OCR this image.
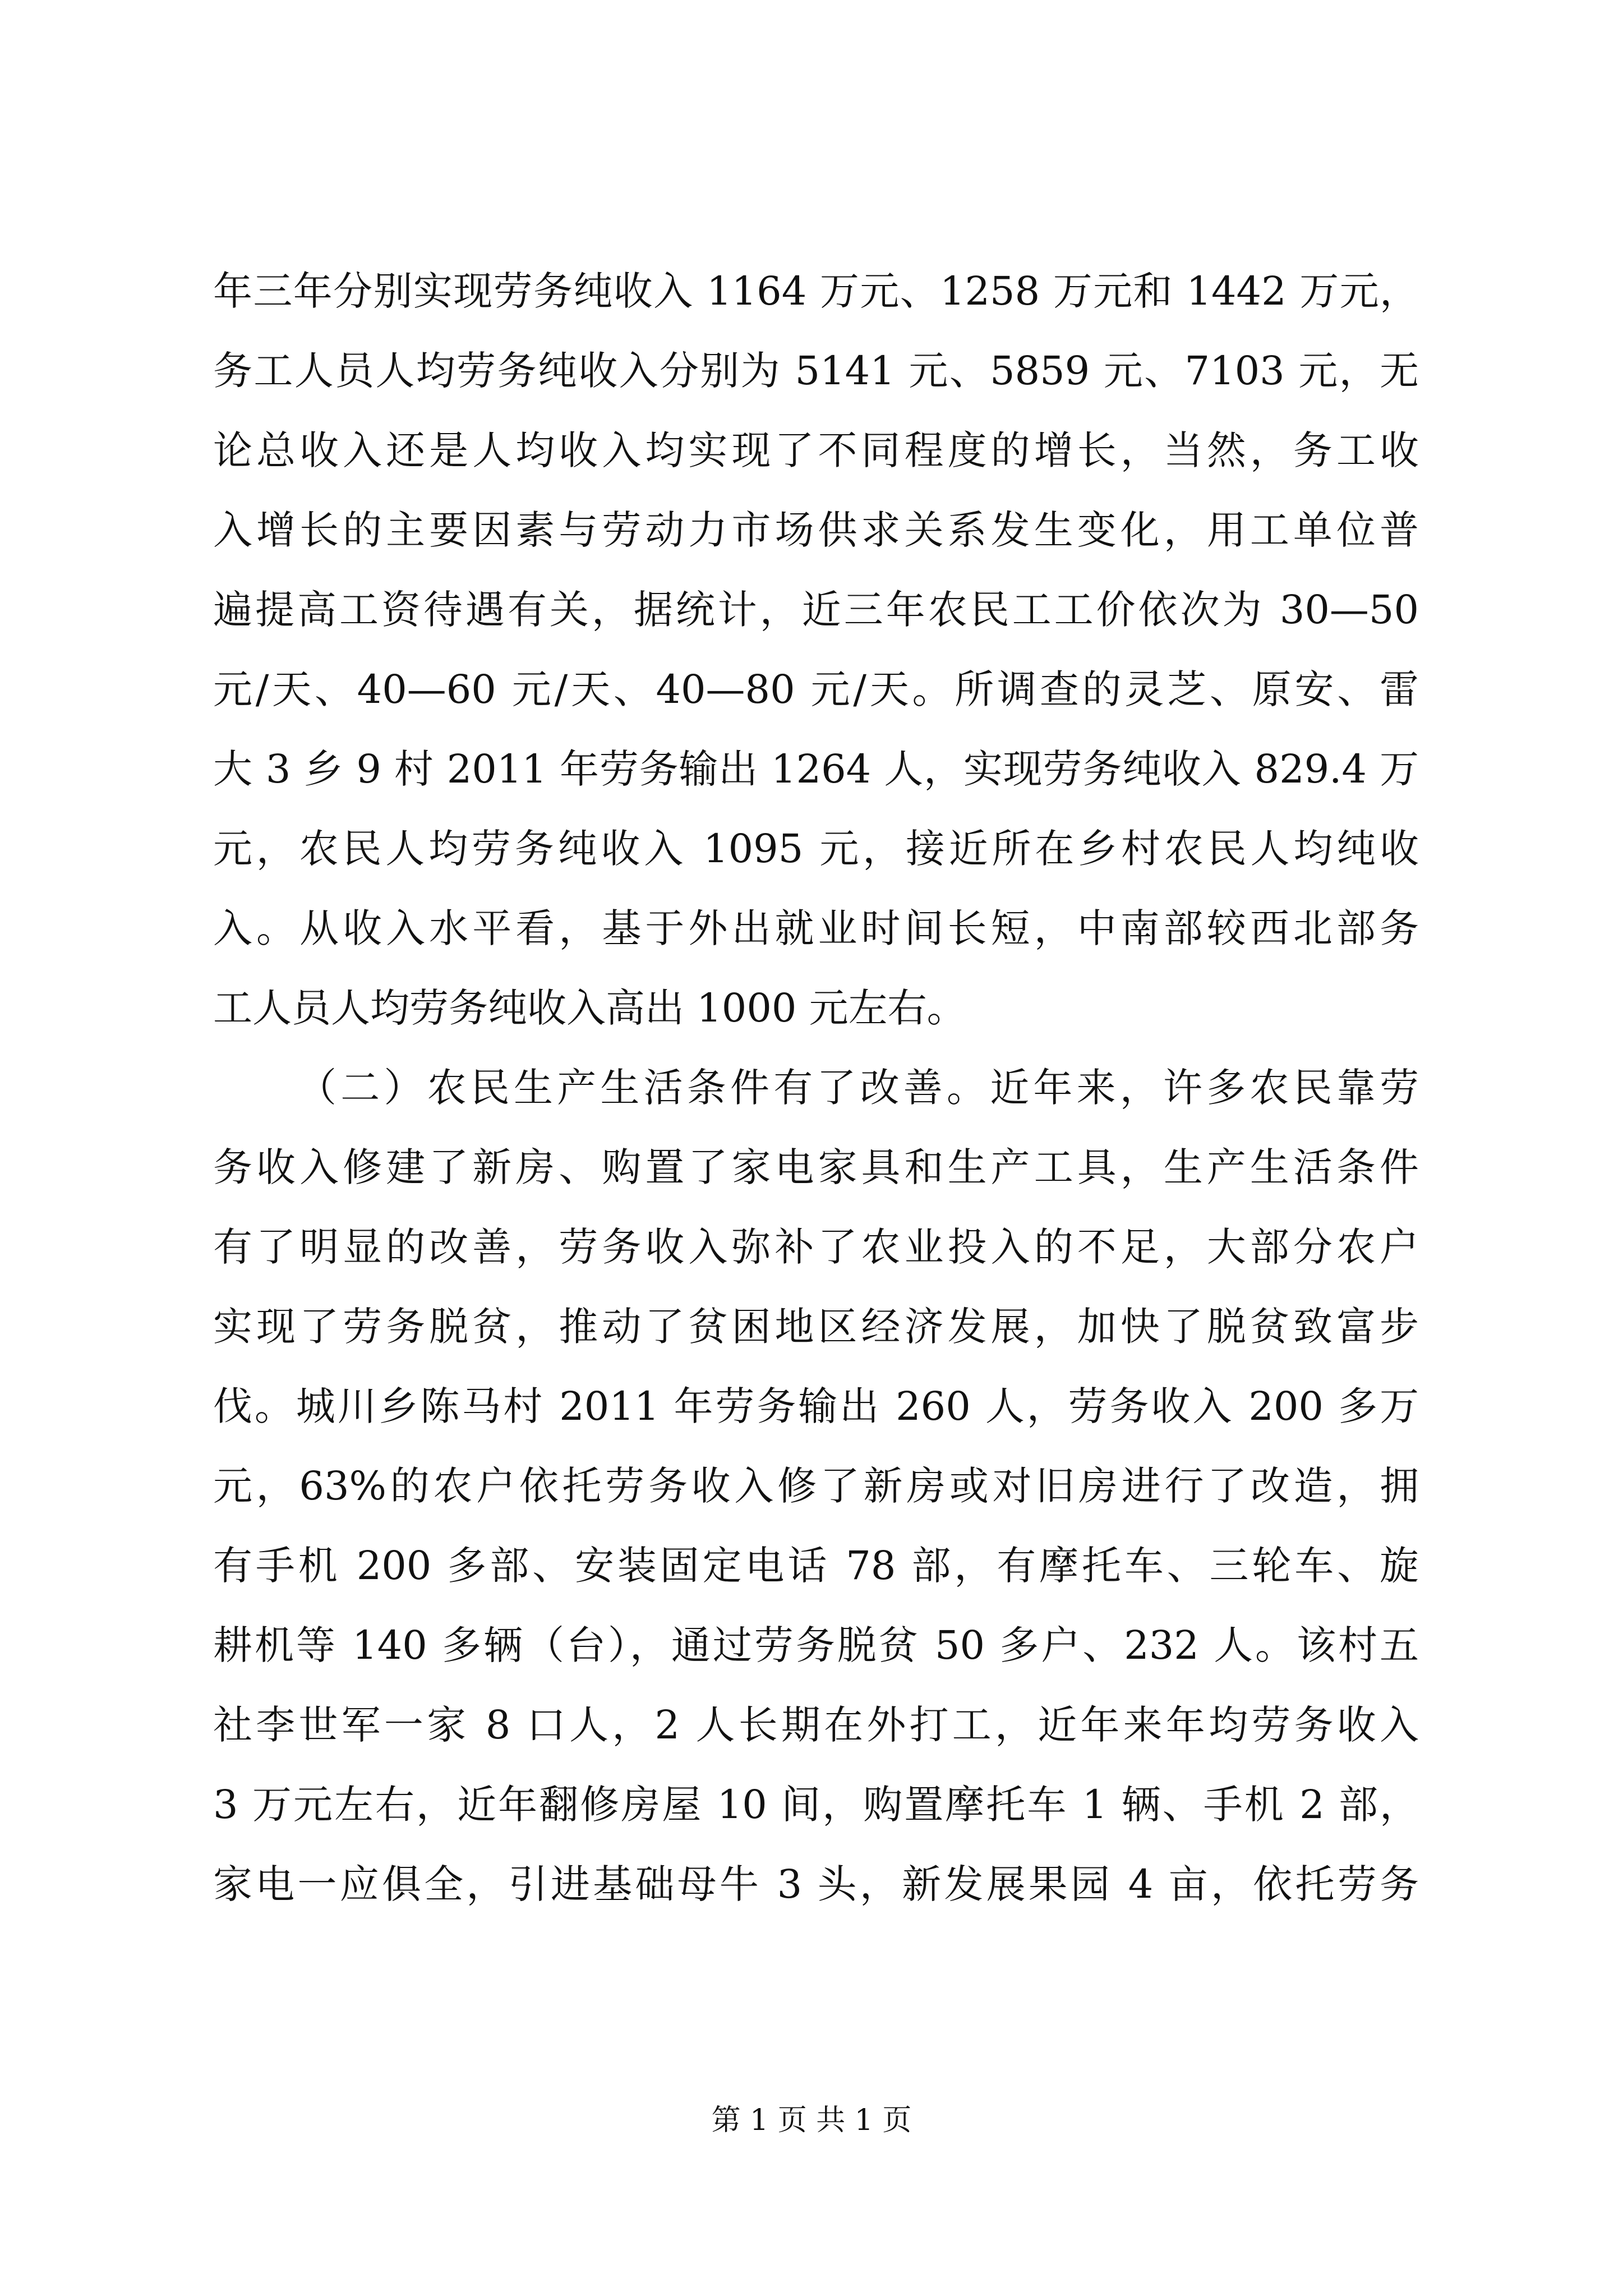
年三年分别实现劳务纯收入 1164 万元、1258 万元和 1442 万元，
务工人员人均劳务纯收入分别为 5141 元、5859 元、7103 元，无
论总收入还是人均收入均实现了不同程度的增长，当然，务工收
入增长的主要因素与劳动力市场供求关系发生变化，用工单位普
遍提高工资待遇有关，据统计，近三年农民工工价依次为 30—50
元/天、40—60 元/天、40—80 元/天。所调查的灵芝、原安、雷
大 3 乡 9 村 2011 年劳务输出 1264 人，实现劳务纯收入 829.4 万
元，农民人均劳务纯收入 1095 元，接近所在乡村农民人均纯收
入。从收入水平看，基于外出就业时间长短，中南部较西北部务
工人员人均劳务纯收入高出 1000 元左右。
（二）农民生产生活条件有了改善。近年来，许多农民靠劳
务收入修建了新房、购置了家电家具和生产工具，生产生活条件
有了明显的改善，劳务收入弥补了农业投入的不足，大部分农户
实现了劳务脱贫，推动了贫困地区经济发展，加快了脱贫致富步
伐。城川乡陈马村 2011 年劳务输出 260 人，劳务收入 200 多万
元，63%的农户依托劳务收入修了新房或对旧房进行了改造，拥
有手机 200 多部、安装固定电话 78 部，有摩托车、三轮车、旋
耕机等 140 多辆（台），通过劳务脱贫 50 多户、232 人。该村五
社李世军一家 8 口人，2 人长期在外打工，近年来年均劳务收入
3 万元左右，近年翻修房屋 10 间，购置摩托车 1 辆、手机 2 部，
家电一应俱全，引进基础母牛 3 头，新发展果园 4 亩，依托劳务
第 1 页 共 1 页
